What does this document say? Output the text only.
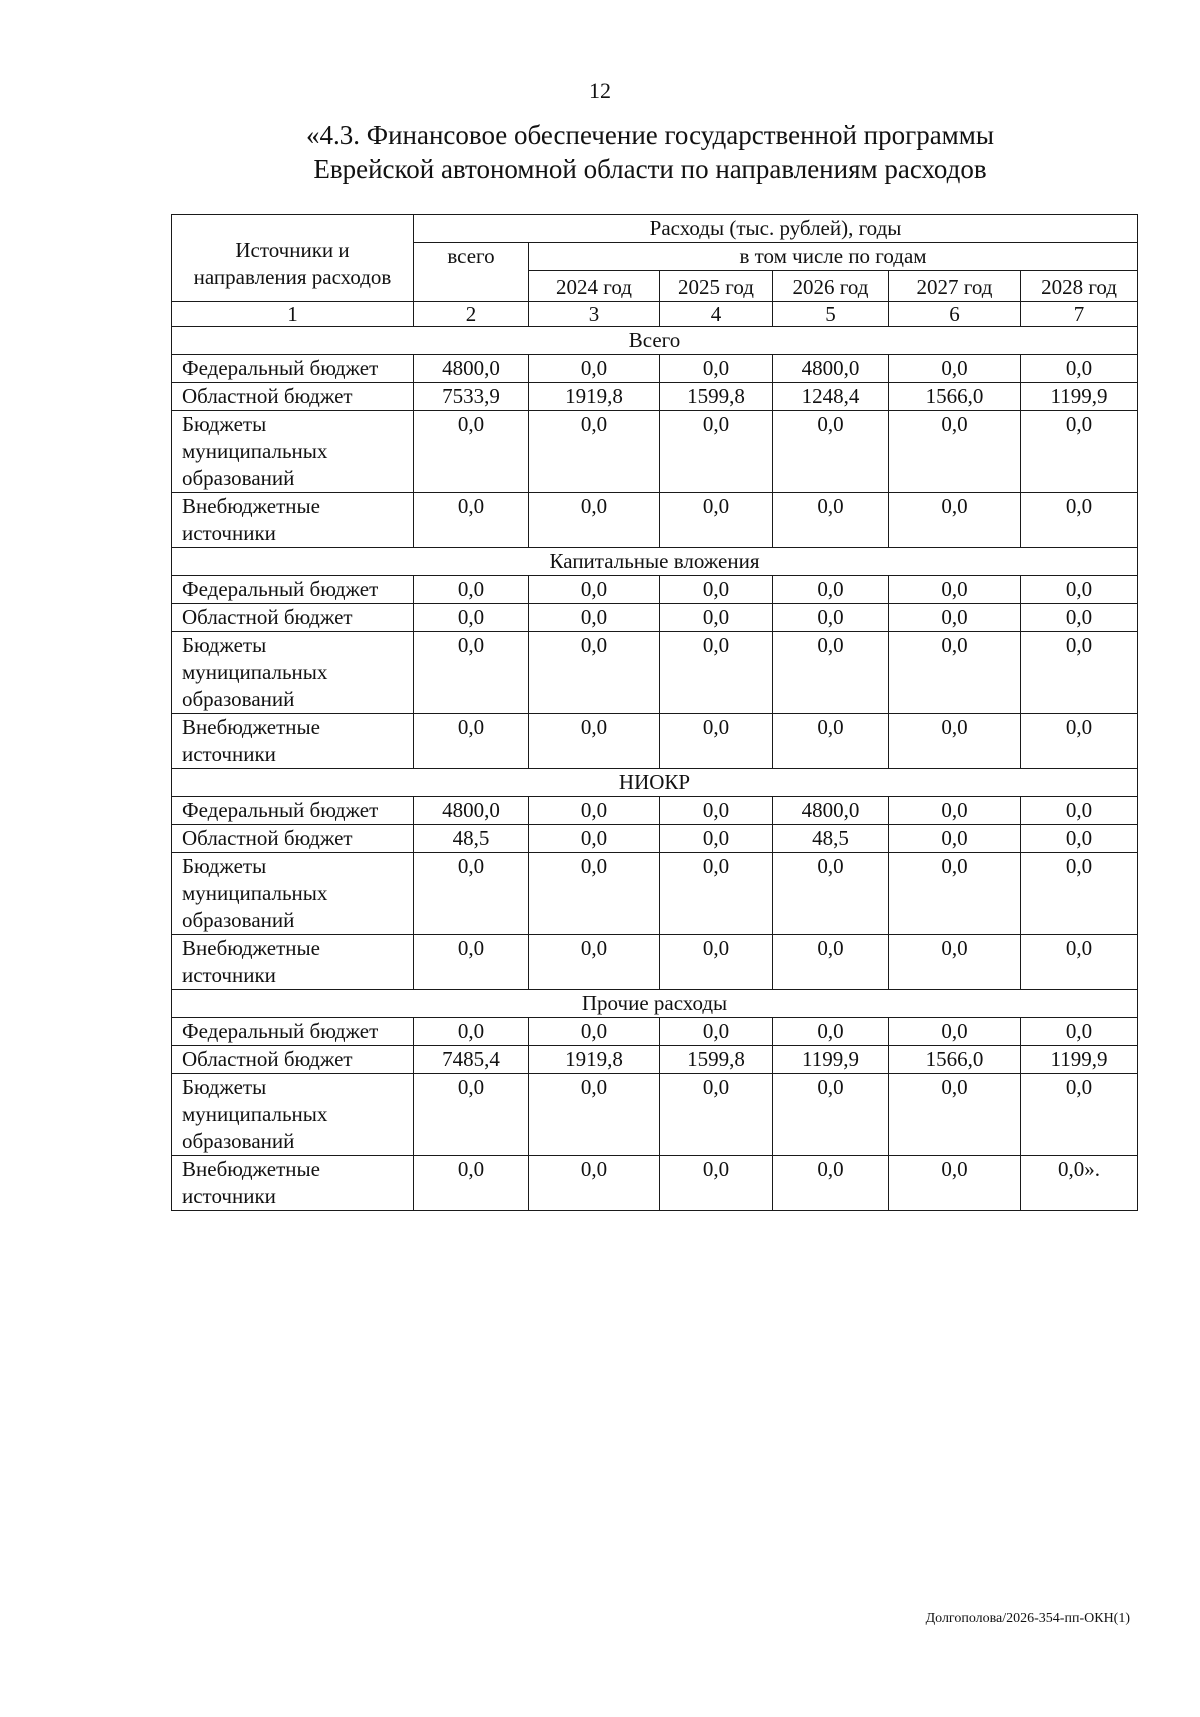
12
«4.3. Финансовое обеспечение государственной программы
Еврейской автономной области по направлениям расходов
Источники и направления расходов	Расходы (тыс. рублей), годы					
	всего	в том числе по годам				
		2024 год	2025 год	2026 год	2027 год	2028 год
1	2	3	4	5	6	7
Всего						
Федеральный бюджет	4800,0	0,0	0,0	4800,0	0,0	0,0
Областной бюджет	7533,9	1919,8	1599,8	1248,4	1566,0	1199,9
Бюджеты муниципальных образований	0,0	0,0	0,0	0,0	0,0	0,0
Внебюджетные источники	0,0	0,0	0,0	0,0	0,0	0,0
Капитальные вложения						
Федеральный бюджет	0,0	0,0	0,0	0,0	0,0	0,0
Областной бюджет	0,0	0,0	0,0	0,0	0,0	0,0
Бюджеты муниципальных образований	0,0	0,0	0,0	0,0	0,0	0,0
Внебюджетные источники	0,0	0,0	0,0	0,0	0,0	0,0
НИОКР						
Федеральный бюджет	4800,0	0,0	0,0	4800,0	0,0	0,0
Областной бюджет	48,5	0,0	0,0	48,5	0,0	0,0
Бюджеты муниципальных образований	0,0	0,0	0,0	0,0	0,0	0,0
Внебюджетные источники	0,0	0,0	0,0	0,0	0,0	0,0
Прочие расходы						
Федеральный бюджет	0,0	0,0	0,0	0,0	0,0	0,0
Областной бюджет	7485,4	1919,8	1599,8	1199,9	1566,0	1199,9
Бюджеты муниципальных образований	0,0	0,0	0,0	0,0	0,0	0,0
Внебюджетные источники	0,0	0,0	0,0	0,0	0,0	0,0».
Долгополова/2026-354-пп-ОКН(1)
